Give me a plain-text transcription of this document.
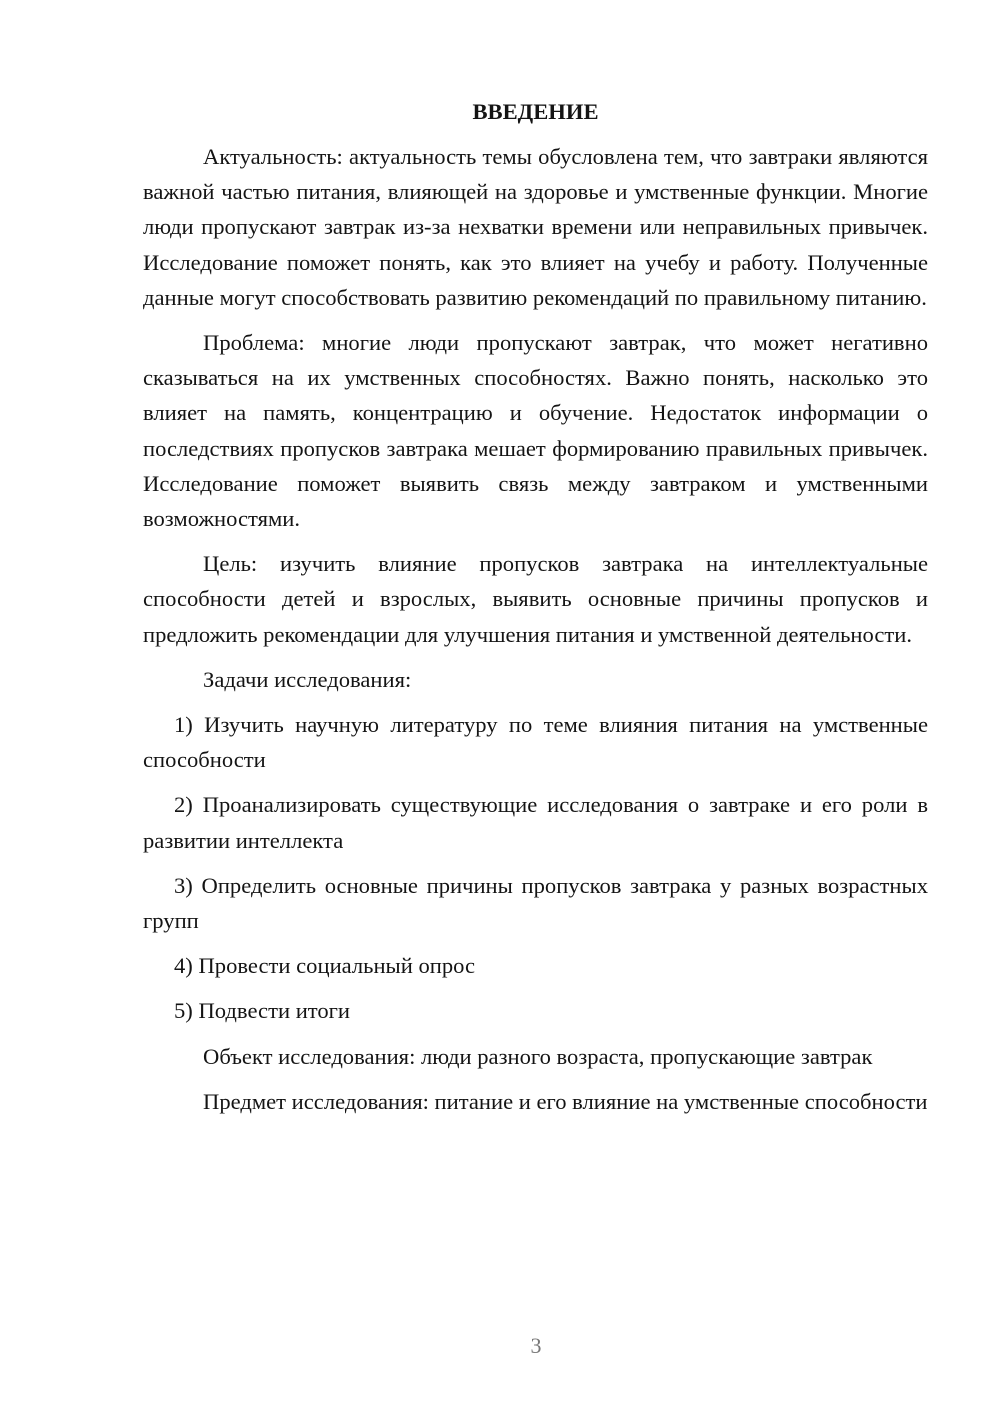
ВВЕДЕНИЕ

Актуальность: актуальность темы обусловлена тем, что завтраки являются важной частью питания, влияющей на здоровье и умственные функции. Многие люди пропускают завтрак из-за нехватки времени или неправильных привычек. Исследование поможет понять, как это влияет на учебу и работу. Полученные данные могут способствовать развитию рекомендаций по правильному питанию.

Проблема: многие люди пропускают завтрак, что может негативно сказываться на их умственных способностях. Важно понять, насколько это влияет на память, концентрацию и обучение. Недостаток информации о последствиях пропусков завтрака мешает формированию правильных привычек. Исследование поможет выявить связь между завтраком и умственными возможностями.

Цель: изучить влияние пропусков завтрака на интеллектуальные способности детей и взрослых, выявить основные причины пропусков и предложить рекомендации для улучшения питания и умственной деятельности.

Задачи исследования:

1) Изучить научную литературу по теме влияния питания на умственные способности

2) Проанализировать существующие исследования о завтраке и его роли в развитии интеллекта

3) Определить основные причины пропусков завтрака у разных возрастных групп

4) Провести социальный опрос

5) Подвести итоги

Объект исследования: люди разного возраста, пропускающие завтрак

Предмет исследования: питание и его влияние на умственные способности

3
